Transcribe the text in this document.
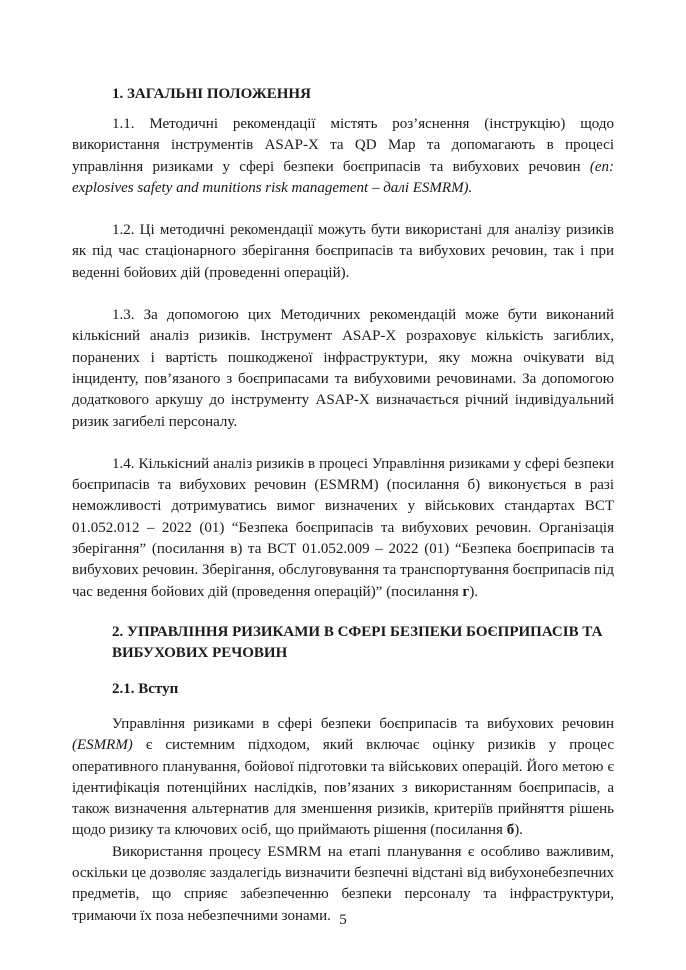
1. ЗАГАЛЬНІ ПОЛОЖЕННЯ

1.1. Методичні рекомендації містять роз’яснення (інструкцію) щодо використання інструментів ASAP-X та QD Map та допомагають в процесі управління ризиками у сфері безпеки боєприпасів та вибухових речовин (en: explosives safety and munitions risk management – далі ESMRM).

1.2. Ці методичні рекомендації можуть бути використані для аналізу ризиків як під час стаціонарного зберігання боєприпасів та вибухових речовин, так і при веденні бойових дій (проведенні операцій).

1.3. За допомогою цих Методичних рекомендацій може бути виконаний кількісний аналіз ризиків. Інструмент ASAP-X розраховує кількість загиблих, поранених і вартість пошкодженої інфраструктури, яку можна очікувати від інциденту, пов’язаного з боєприпасами та вибуховими речовинами. За допомогою додаткового аркушу до інструменту ASAP-X визначається річний індивідуальний ризик загибелі персоналу.

1.4. Кількісний аналіз ризиків в процесі Управління ризиками у сфері безпеки боєприпасів та вибухових речовин (ESMRM) (посилання б) виконується в разі неможливості дотримуватись вимог визначених у військових стандартах ВСТ 01.052.012 – 2022 (01) “Безпека боєприпасів та вибухових речовин. Організація зберігання” (посилання в) та ВСТ 01.052.009 – 2022 (01) “Безпека боєприпасів та вибухових речовин. Зберігання, обслуговування та транспортування боєприпасів під час ведення бойових дій (проведення операцій)” (посилання г).

2. УПРАВЛІННЯ РИЗИКАМИ В СФЕРІ БЕЗПЕКИ БОЄПРИПАСІВ ТА ВИБУХОВИХ РЕЧОВИН
2.1. Вступ

Управління ризиками в сфері безпеки боєприпасів та вибухових речовин (ESMRM) є системним підходом, який включає оцінку ризиків у процес оперативного планування, бойової підготовки та військових операцій. Його метою є ідентифікація потенційних наслідків, пов’язаних з використанням боєприпасів, а також визначення альтернатив для зменшення ризиків, критеріїв прийняття рішень щодо ризику та ключових осіб, що приймають рішення (посилання б).

Використання процесу ESMRM на етапі планування є особливо важливим, оскільки це дозволяє заздалегідь визначити безпечні відстані від вибухонебезпечних предметів, що сприяє забезпеченню безпеки персоналу та інфраструктури, тримаючи їх поза небезпечними зонами. 5
